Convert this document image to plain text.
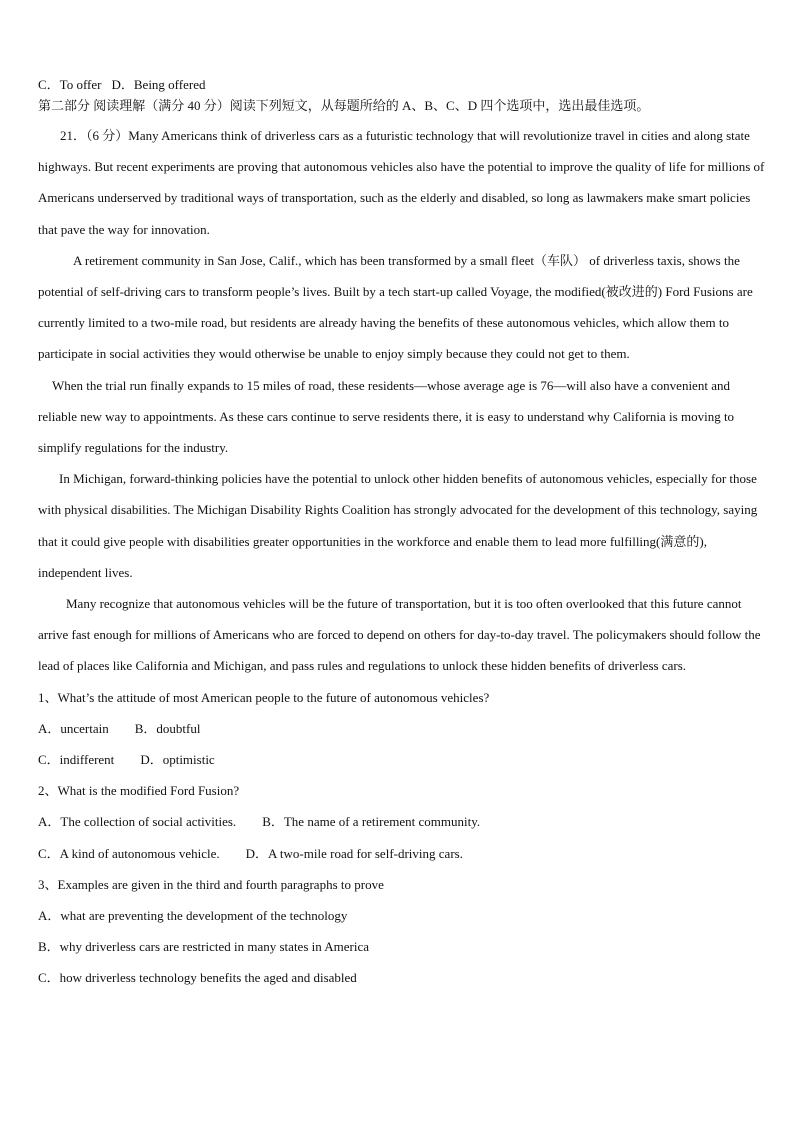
C．To offer D．Being offered
第二部分 阅读理解（满分 40 分）阅读下列短文，从每题所给的 A、B、C、D 四个选项中，选出最佳选项。

21．（6 分）Many Americans think of driverless cars as a futuristic technology that will revolutionize travel in cities and along state highways. But recent experiments are proving that autonomous vehicles also have the potential to improve the quality of life for millions of Americans underserved by traditional ways of transportation, such as the elderly and disabled, so long as lawmakers make smart policies that pave the way for innovation.

A retirement community in San Jose, Calif., which has been transformed by a small fleet（车队） of driverless taxis, shows the potential of self-driving cars to transform people’s lives. Built by a tech start-up called Voyage, the modified(被改进的) Ford Fusions are currently limited to a two-mile road, but residents are already having the benefits of these autonomous vehicles, which allow them to participate in social activities they would otherwise be unable to enjoy simply because they could not get to them.

When the trial run finally expands to 15 miles of road, these residents—whose average age is 76—will also have a convenient and reliable new way to appointments. As these cars continue to serve residents there, it is easy to understand why California is moving to simplify regulations for the industry.

In Michigan, forward-thinking policies have the potential to unlock other hidden benefits of autonomous vehicles, especially for those with physical disabilities. The Michigan Disability Rights Coalition has strongly advocated for the development of this technology, saying that it could give people with disabilities greater opportunities in the workforce and enable them to lead more fulfilling(满意的), independent lives.

Many recognize that autonomous vehicles will be the future of transportation, but it is too often overlooked that this future cannot arrive fast enough for millions of Americans who are forced to depend on others for day-to-day travel. The policymakers should follow the lead of places like California and Michigan, and pass rules and regulations to unlock these hidden benefits of driverless cars.

1、What’s the attitude of most American people to the future of autonomous vehicles?
A．uncertain B．doubtful
C．indifferent D．optimistic
2、What is the modified Ford Fusion?
A．The collection of social activities. B．The name of a retirement community.
C．A kind of autonomous vehicle. D．A two-mile road for self-driving cars.
3、Examples are given in the third and fourth paragraphs to prove
A．what are preventing the development of the technology
B．why driverless cars are restricted in many states in America
C．how driverless technology benefits the aged and disabled
